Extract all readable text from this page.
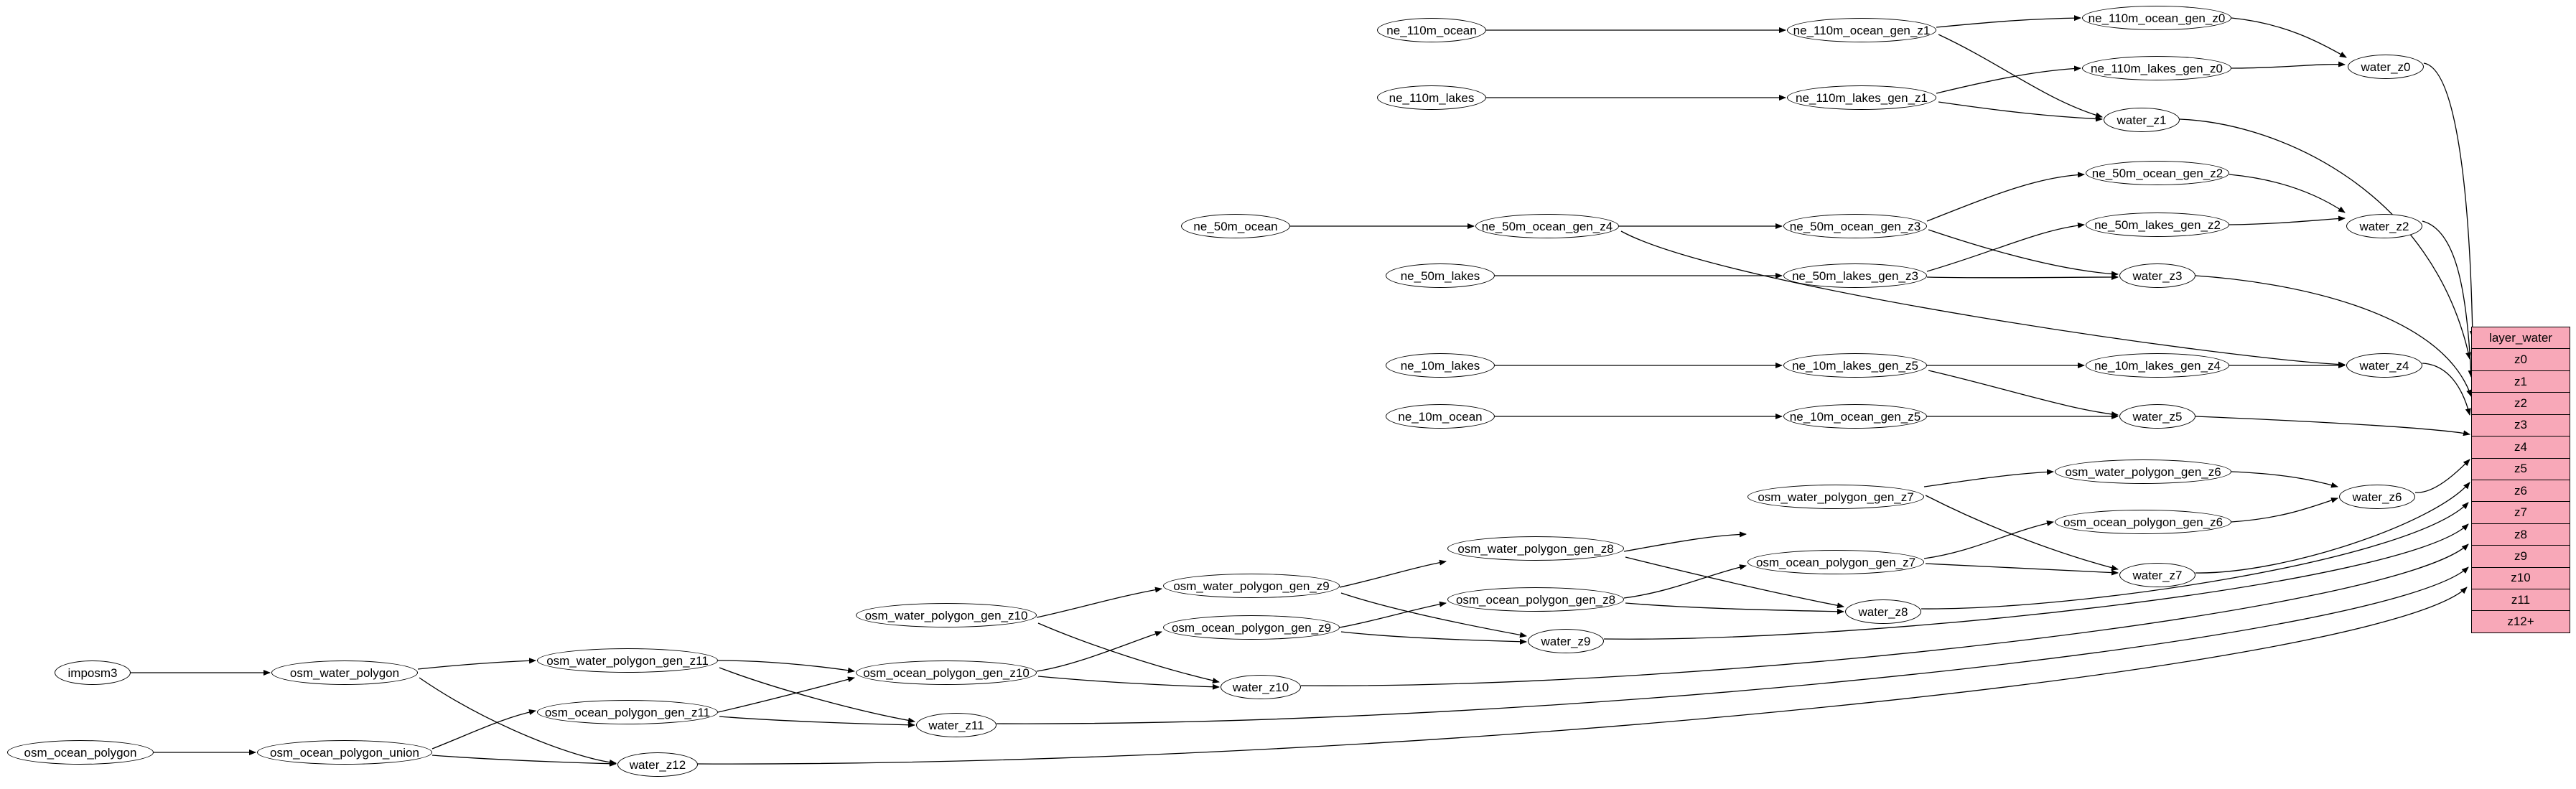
ne_110m_ocean	ne_110m_ocean_gen_z1
ne_110m_ocean_gen_z0
water_z0
ne_110m_lakes	ne_110m_lakes_gen_z1
ne_110m_lakes_gen_z0
water_z1
ne_50m_ocean	ne_50m_ocean_gen_z4	ne_50m_ocean_gen_z3
ne_50m_ocean_gen_z2
ne_50m_lakes_gen_z2	water_z2
ne_50m_lakes	ne_50m_lakes_gen_z3	water_z3
ne_10m_lakes	ne_10m_lakes_gen_z5	ne_10m_lakes_gen_z4	water_z4
ne_10m_ocean	ne_10m_ocean_gen_z5	water_z5
osm_water_polygon_gen_z6
water_z6
osm_water_polygon_gen_z7
osm_ocean_polygon_gen_z6
osm_water_polygon_gen_z8
osm_ocean_polygon_gen_z7
water_z7
osm_water_polygon_gen_z9
osm_ocean_polygon_gen_z8
water_z8
osm_water_polygon_gen_z10
osm_ocean_polygon_gen_z9
water_z9
imposm3	osm_water_polygon
osm_water_polygon_gen_z11
osm_ocean_polygon_gen_z10
water_z10
osm_ocean_polygon_gen_z11
water_z11
osm_ocean_polygon	osm_ocean_polygon_union
water_z12
layer_water
z0
z1
z2
z3
z4
z5
z6
z7
z8
z9
z10
z11
z12+
